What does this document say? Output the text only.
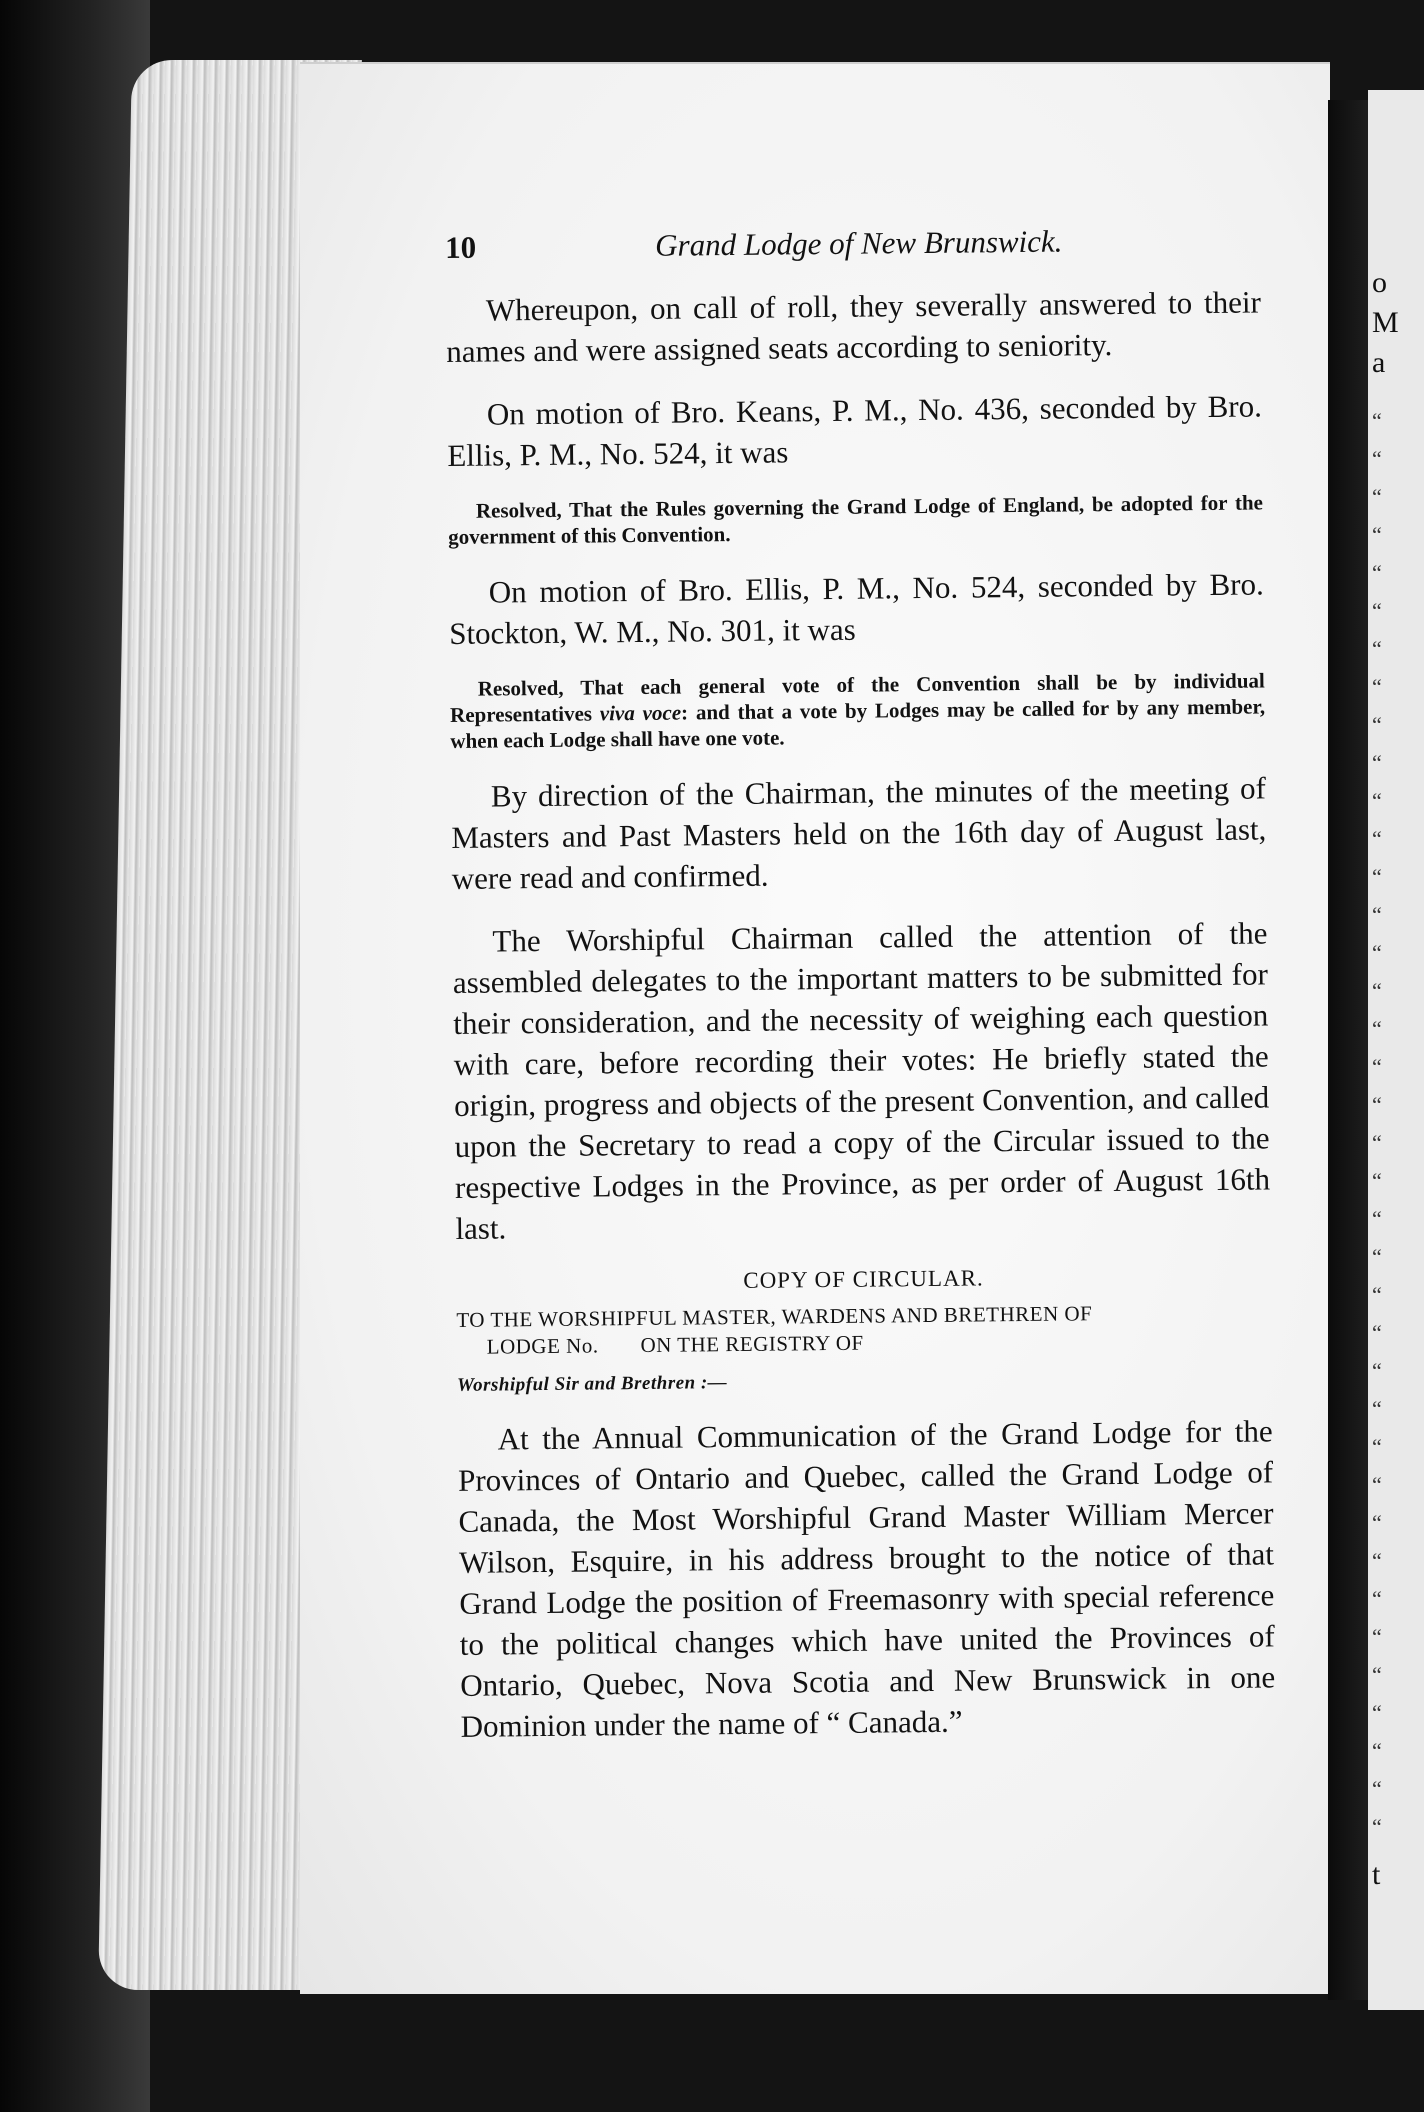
o
M
a
t
“
“
“
“
“
“
“
“
“
“
“
“
“
“
“
“
“
“
“
“
“
“
“
“
“
“
“
“
“
“
“
“
“
“
“
“
“
“
10	Grand Lodge of New Brunswick.

Whereupon, on call of roll, they severally answered to their names and were assigned seats according to seniority.

On motion of Bro. Keans, P. M., No. 436, seconded by Bro. Ellis, P. M., No. 524, it was

Resolved, That the Rules governing the Grand Lodge of England, be adopted for the government of this Convention.

On motion of Bro. Ellis, P. M., No. 524, seconded by Bro. Stockton, W. M., No. 301, it was

Resolved, That each general vote of the Convention shall be by individual Representatives viva voce: and that a vote by Lodges may be called for by any member, when each Lodge shall have one vote.

By direction of the Chairman, the minutes of the meeting of Masters and Past Masters held on the 16th day of August last, were read and confirmed.

The Worshipful Chairman called the attention of the assembled delegates to the important matters to be submitted for their consideration, and the necessity of weighing each question with care, before recording their votes: He briefly stated the origin, progress and objects of the present Convention, and called upon the Secretary to read a copy of the Circular issued to the respective Lodges in the Province, as per order of August 16th last.

COPY OF CIRCULAR.

TO THE WORSHIPFUL MASTER, WARDENS AND BRETHREN OF

LODGE No. ON THE REGISTRY OF

Worshipful Sir and Brethren :—

At the Annual Communication of the Grand Lodge for the Provinces of Ontario and Quebec, called the Grand Lodge of Canada, the Most Worshipful Grand Master William Mercer Wilson, Esquire, in his address brought to the notice of that Grand Lodge the position of Freemasonry with special reference to the political changes which have united the Provinces of Ontario, Quebec, Nova Scotia and New Brunswick in one Dominion under the name of “ Canada.”
